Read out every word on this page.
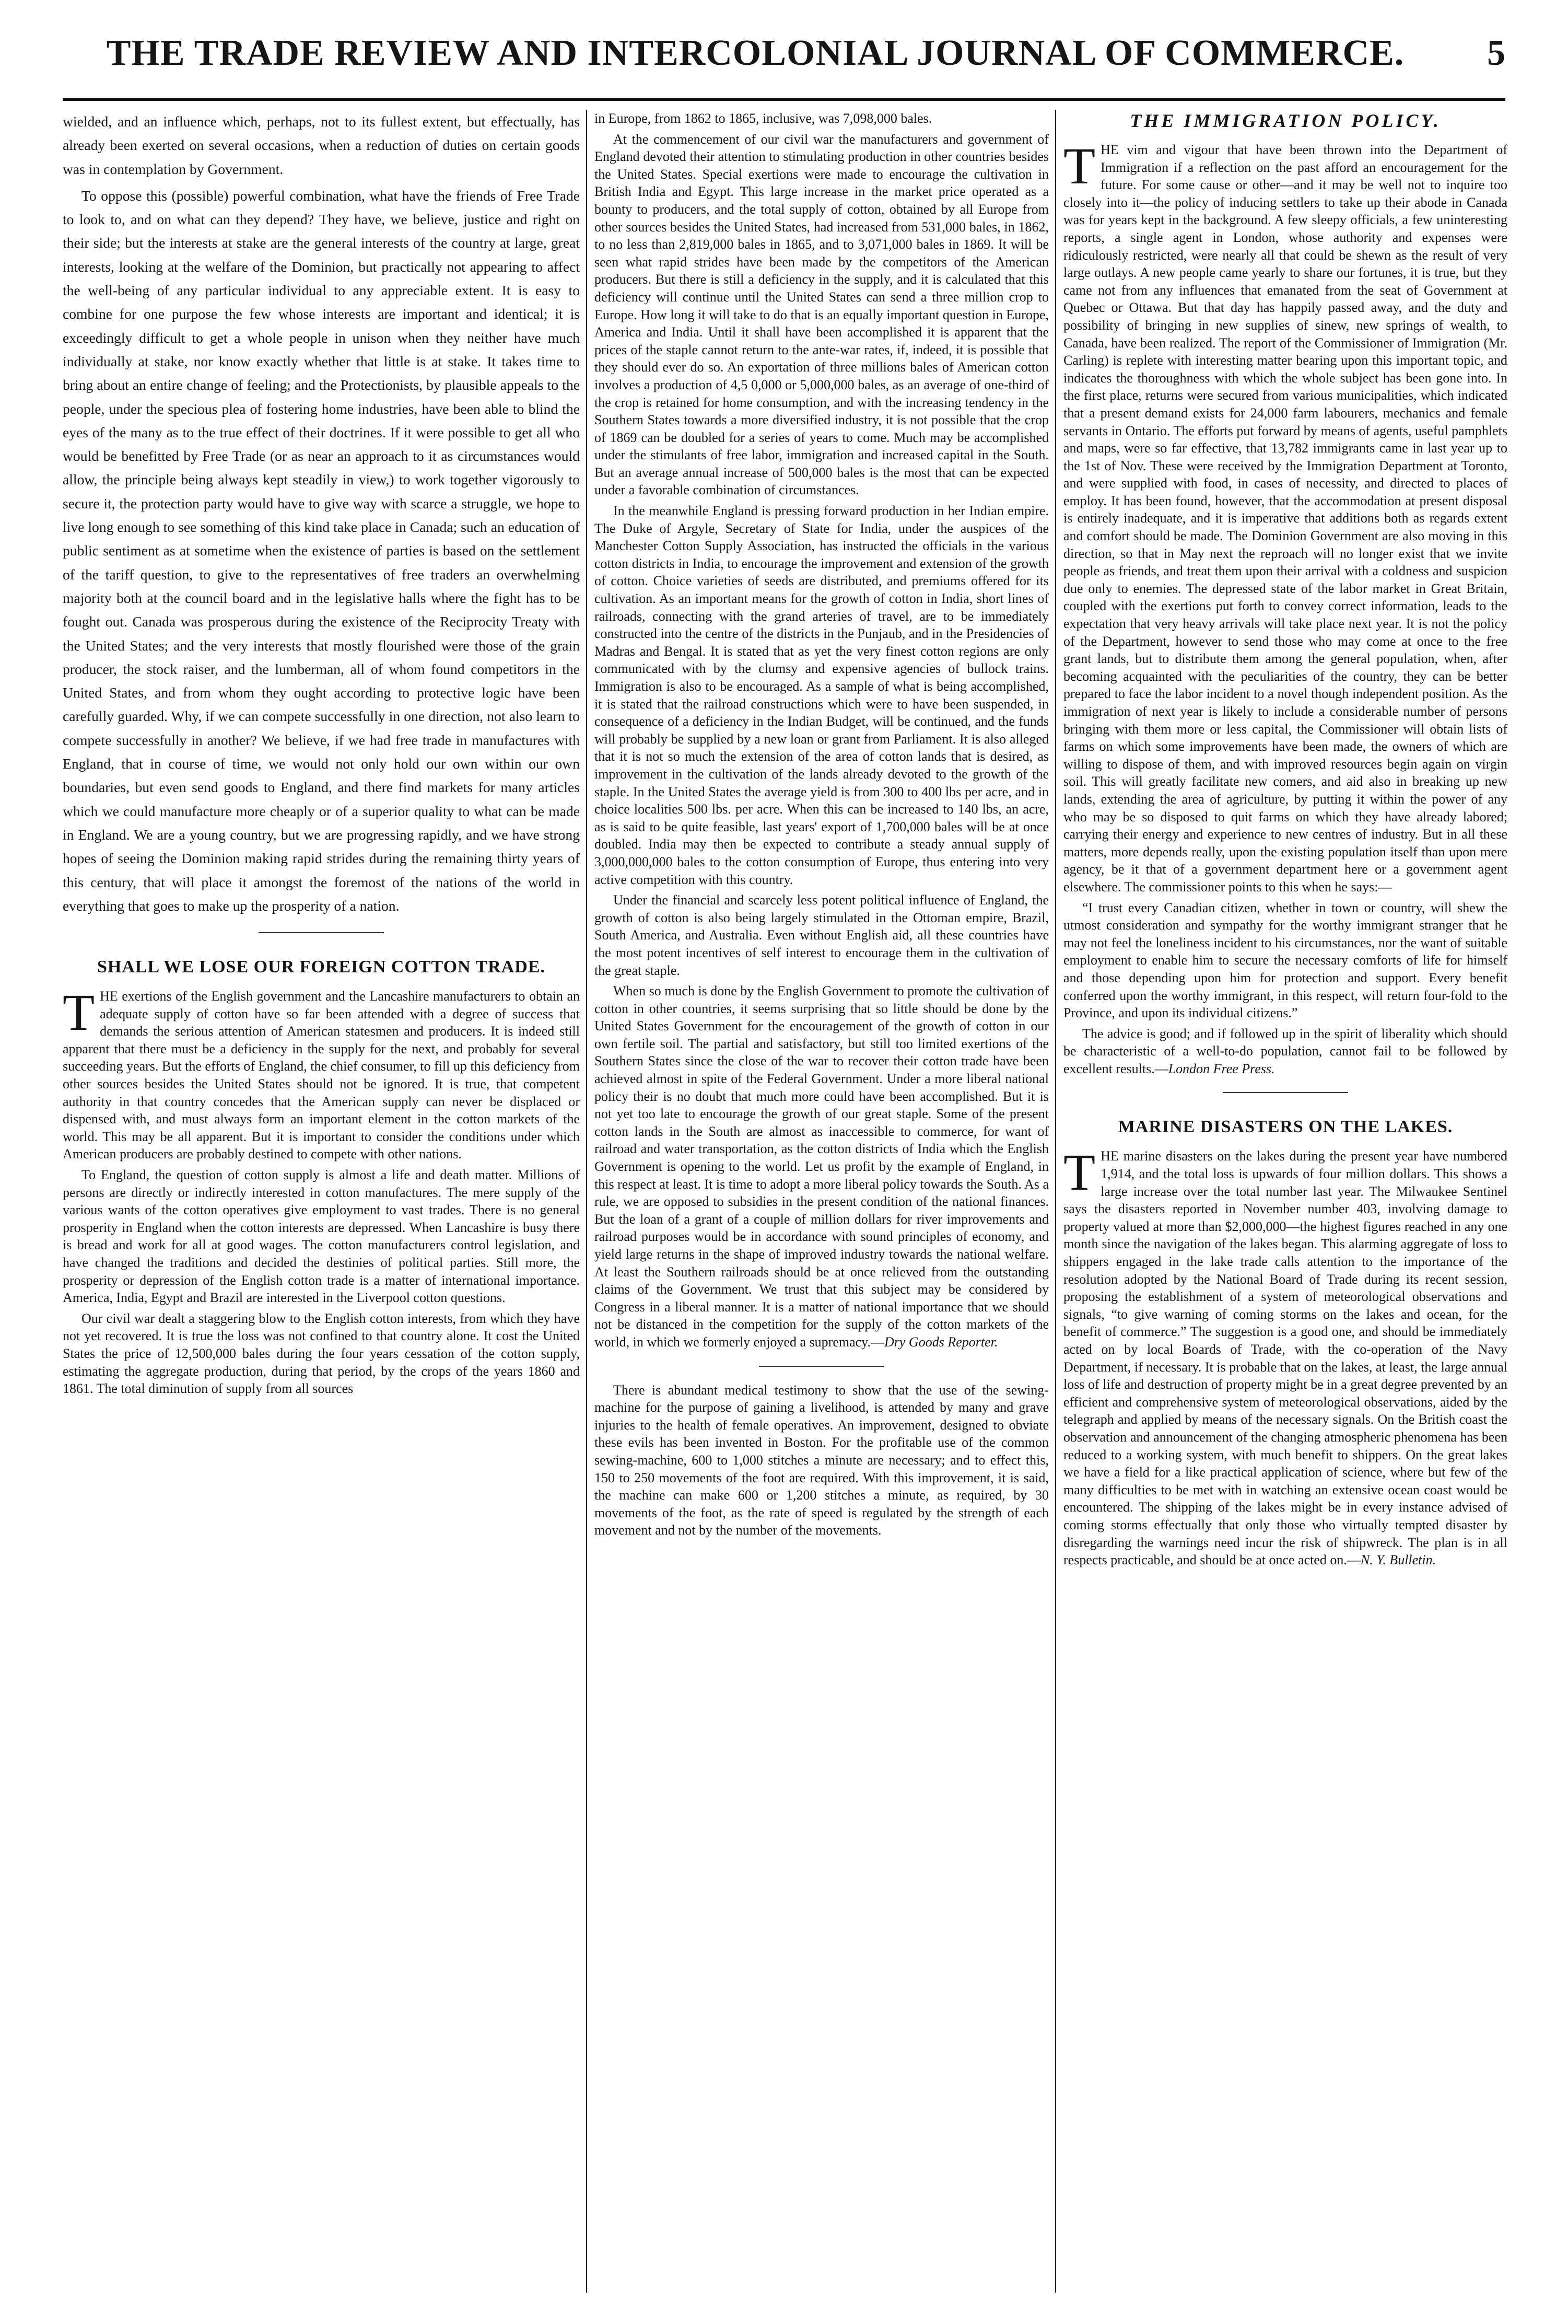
THE TRADE REVIEW AND INTERCOLONIAL JOURNAL OF COMMERCE.	5

wielded, and an influence which, perhaps, not to its fullest extent, but effectually, has already been exerted on several occasions, when a reduction of duties on certain goods was in contemplation by Government.

To oppose this (possible) powerful combination, what have the friends of Free Trade to look to, and on what can they depend? They have, we believe, justice and right on their side; but the interests at stake are the general interests of the country at large, great interests, looking at the welfare of the Dominion, but practically not appearing to affect the well-being of any particular individual to any appreciable extent. It is easy to combine for one purpose the few whose interests are important and identical; it is exceedingly difficult to get a whole people in unison when they neither have much individually at stake, nor know exactly whether that little is at stake. It takes time to bring about an entire change of feeling; and the Protectionists, by plausible appeals to the people, under the specious plea of fostering home industries, have been able to blind the eyes of the many as to the true effect of their doctrines. If it were possible to get all who would be benefitted by Free Trade (or as near an approach to it as circumstances would allow, the principle being always kept steadily in view,) to work together vigorously to secure it, the protection party would have to give way with scarce a struggle, we hope to live long enough to see something of this kind take place in Canada; such an education of public sentiment as at sometime when the existence of parties is based on the settlement of the tariff question, to give to the representatives of free traders an overwhelming majority both at the council board and in the legislative halls where the fight has to be fought out. Canada was prosperous during the existence of the Reciprocity Treaty with the United States; and the very interests that mostly flourished were those of the grain producer, the stock raiser, and the lumberman, all of whom found competitors in the United States, and from whom they ought according to protective logic have been carefully guarded. Why, if we can compete successfully in one direction, not also learn to compete successfully in another? We believe, if we had free trade in manufactures with England, that in course of time, we would not only hold our own within our own boundaries, but even send goods to England, and there find markets for many articles which we could manufacture more cheaply or of a superior quality to what can be made in England. We are a young country, but we are progressing rapidly, and we have strong hopes of seeing the Dominion making rapid strides during the remaining thirty years of this century, that will place it amongst the foremost of the nations of the world in everything that goes to make up the prosperity of a nation.

SHALL WE LOSE OUR FOREIGN COTTON TRADE.

THE exertions of the English government and the Lancashire manufacturers to obtain an adequate supply of cotton have so far been attended with a degree of success that demands the serious attention of American statesmen and producers. It is indeed still apparent that there must be a deficiency in the supply for the next, and probably for several succeeding years. But the efforts of England, the chief consumer, to fill up this deficiency from other sources besides the United States should not be ignored. It is true, that competent authority in that country concedes that the American supply can never be displaced or dispensed with, and must always form an important element in the cotton markets of the world. This may be all apparent. But it is important to consider the conditions under which American producers are probably destined to compete with other nations.

To England, the question of cotton supply is almost a life and death matter. Millions of persons are directly or indirectly interested in cotton manufactures. The mere supply of the various wants of the cotton operatives give employment to vast trades. There is no general prosperity in England when the cotton interests are depressed. When Lancashire is busy there is bread and work for all at good wages. The cotton manufacturers control legislation, and have changed the traditions and decided the destinies of political parties. Still more, the prosperity or depression of the English cotton trade is a matter of international importance. America, India, Egypt and Brazil are interested in the Liverpool cotton questions.

Our civil war dealt a staggering blow to the English cotton interests, from which they have not yet recovered. It is true the loss was not confined to that country alone. It cost the United States the price of 12,500,000 bales during the four years cessation of the cotton supply, estimating the aggregate production, during that period, by the crops of the years 1860 and 1861. The total diminution of supply from all sources

in Europe, from 1862 to 1865, inclusive, was 7,098,000 bales.

At the commencement of our civil war the manufacturers and government of England devoted their attention to stimulating production in other countries besides the United States. Special exertions were made to encourage the cultivation in British India and Egypt. This large increase in the market price operated as a bounty to producers, and the total supply of cotton, obtained by all Europe from other sources besides the United States, had increased from 531,000 bales, in 1862, to no less than 2,819,000 bales in 1865, and to 3,071,000 bales in 1869. It will be seen what rapid strides have been made by the competitors of the American producers. But there is still a deficiency in the supply, and it is calculated that this deficiency will continue until the United States can send a three million crop to Europe. How long it will take to do that is an equally important question in Europe, America and India. Until it shall have been accomplished it is apparent that the prices of the staple cannot return to the ante-war rates, if, indeed, it is possible that they should ever do so. An exportation of three millions bales of American cotton involves a production of 4,5 0,000 or 5,000,000 bales, as an average of one-third of the crop is retained for home consumption, and with the increasing tendency in the Southern States towards a more diversified industry, it is not possible that the crop of 1869 can be doubled for a series of years to come. Much may be accomplished under the stimulants of free labor, immigration and increased capital in the South. But an average annual increase of 500,000 bales is the most that can be expected under a favorable combination of circumstances.

In the meanwhile England is pressing forward production in her Indian empire. The Duke of Argyle, Secretary of State for India, under the auspices of the Manchester Cotton Supply Association, has instructed the officials in the various cotton districts in India, to encourage the improvement and extension of the growth of cotton. Choice varieties of seeds are distributed, and premiums offered for its cultivation. As an important means for the growth of cotton in India, short lines of railroads, connecting with the grand arteries of travel, are to be immediately constructed into the centre of the districts in the Punjaub, and in the Presidencies of Madras and Bengal. It is stated that as yet the very finest cotton regions are only communicated with by the clumsy and expensive agencies of bullock trains. Immigration is also to be encouraged. As a sample of what is being accomplished, it is stated that the railroad constructions which were to have been suspended, in consequence of a deficiency in the Indian Budget, will be continued, and the funds will probably be supplied by a new loan or grant from Parliament. It is also alleged that it is not so much the extension of the area of cotton lands that is desired, as improvement in the cultivation of the lands already devoted to the growth of the staple. In the United States the average yield is from 300 to 400 lbs per acre, and in choice localities 500 lbs. per acre. When this can be increased to 140 lbs, an acre, as is said to be quite feasible, last years' export of 1,700,000 bales will be at once doubled. India may then be expected to contribute a steady annual supply of 3,000,000,000 bales to the cotton consumption of Europe, thus entering into very active competition with this country.

Under the financial and scarcely less potent political influence of England, the growth of cotton is also being largely stimulated in the Ottoman empire, Brazil, South America, and Australia. Even without English aid, all these countries have the most potent incentives of self interest to encourage them in the cultivation of the great staple.

When so much is done by the English Government to promote the cultivation of cotton in other countries, it seems surprising that so little should be done by the United States Government for the encouragement of the growth of cotton in our own fertile soil. The partial and satisfactory, but still too limited exertions of the Southern States since the close of the war to recover their cotton trade have been achieved almost in spite of the Federal Government. Under a more liberal national policy their is no doubt that much more could have been accomplished. But it is not yet too late to encourage the growth of our great staple. Some of the present cotton lands in the South are almost as inaccessible to commerce, for want of railroad and water transportation, as the cotton districts of India which the English Government is opening to the world. Let us profit by the example of England, in this respect at least. It is time to adopt a more liberal policy towards the South. As a rule, we are opposed to subsidies in the present condition of the national finances. But the loan of a grant of a couple of million dollars for river improvements and railroad purposes would be in accordance with sound principles of economy, and yield large returns in the shape of improved industry towards the national welfare. At least the Southern railroads should be at once relieved from the outstanding claims of the Government. We trust that this subject may be considered by Congress in a liberal manner. It is a matter of national importance that we should not be distanced in the competition for the supply of the cotton markets of the world, in which we formerly enjoyed a supremacy.—Dry Goods Reporter.

There is abundant medical testimony to show that the use of the sewing-machine for the purpose of gaining a livelihood, is attended by many and grave injuries to the health of female operatives. An improvement, designed to obviate these evils has been invented in Boston. For the profitable use of the common sewing-machine, 600 to 1,000 stitches a minute are necessary; and to effect this, 150 to 250 movements of the foot are required. With this improvement, it is said, the machine can make 600 or 1,200 stitches a minute, as required, by 30 movements of the foot, as the rate of speed is regulated by the strength of each movement and not by the number of the movements.

THE IMMIGRATION POLICY.

THE vim and vigour that have been thrown into the Department of Immigration if a reflection on the past afford an encouragement for the future. For some cause or other—and it may be well not to inquire too closely into it—the policy of inducing settlers to take up their abode in Canada was for years kept in the background. A few sleepy officials, a few uninteresting reports, a single agent in London, whose authority and expenses were ridiculously restricted, were nearly all that could be shewn as the result of very large outlays. A new people came yearly to share our fortunes, it is true, but they came not from any influences that emanated from the seat of Government at Quebec or Ottawa. But that day has happily passed away, and the duty and possibility of bringing in new supplies of sinew, new springs of wealth, to Canada, have been realized. The report of the Commissioner of Immigration (Mr. Carling) is replete with interesting matter bearing upon this important topic, and indicates the thoroughness with which the whole subject has been gone into. In the first place, returns were secured from various municipalities, which indicated that a present demand exists for 24,000 farm labourers, mechanics and female servants in Ontario. The efforts put forward by means of agents, useful pamphlets and maps, were so far effective, that 13,782 immigrants came in last year up to the 1st of Nov. These were received by the Immigration Department at Toronto, and were supplied with food, in cases of necessity, and directed to places of employ. It has been found, however, that the accommodation at present disposal is entirely inadequate, and it is imperative that additions both as regards extent and comfort should be made. The Dominion Government are also moving in this direction, so that in May next the reproach will no longer exist that we invite people as friends, and treat them upon their arrival with a coldness and suspicion due only to enemies. The depressed state of the labor market in Great Britain, coupled with the exertions put forth to convey correct information, leads to the expectation that very heavy arrivals will take place next year. It is not the policy of the Department, however to send those who may come at once to the free grant lands, but to distribute them among the general population, when, after becoming acquainted with the peculiarities of the country, they can be better prepared to face the labor incident to a novel though independent position. As the immigration of next year is likely to include a considerable number of persons bringing with them more or less capital, the Commissioner will obtain lists of farms on which some improvements have been made, the owners of which are willing to dispose of them, and with improved resources begin again on virgin soil. This will greatly facilitate new comers, and aid also in breaking up new lands, extending the area of agriculture, by putting it within the power of any who may be so disposed to quit farms on which they have already labored; carrying their energy and experience to new centres of industry. But in all these matters, more depends really, upon the existing population itself than upon mere agency, be it that of a government department here or a government agent elsewhere. The commissioner points to this when he says:—

“I trust every Canadian citizen, whether in town or country, will shew the utmost consideration and sympathy for the worthy immigrant stranger that he may not feel the loneliness incident to his circumstances, nor the want of suitable employment to enable him to secure the necessary comforts of life for himself and those depending upon him for protection and support. Every benefit conferred upon the worthy immigrant, in this respect, will return four-fold to the Province, and upon its individual citizens.”

The advice is good; and if followed up in the spirit of liberality which should be characteristic of a well-to-do population, cannot fail to be followed by excellent results.—London Free Press.

MARINE DISASTERS ON THE LAKES.

THE marine disasters on the lakes during the present year have numbered 1,914, and the total loss is upwards of four million dollars. This shows a large increase over the total number last year. The Milwaukee Sentinel says the disasters reported in November number 403, involving damage to property valued at more than $2,000,000—the highest figures reached in any one month since the navigation of the lakes began. This alarming aggregate of loss to shippers engaged in the lake trade calls attention to the importance of the resolution adopted by the National Board of Trade during its recent session, proposing the establishment of a system of meteorological observations and signals, “to give warning of coming storms on the lakes and ocean, for the benefit of commerce.” The suggestion is a good one, and should be immediately acted on by local Boards of Trade, with the co-operation of the Navy Department, if necessary. It is probable that on the lakes, at least, the large annual loss of life and destruction of property might be in a great degree prevented by an efficient and comprehensive system of meteorological observations, aided by the telegraph and applied by means of the necessary signals. On the British coast the observation and announcement of the changing atmospheric phenomena has been reduced to a working system, with much benefit to shippers. On the great lakes we have a field for a like practical application of science, where but few of the many difficulties to be met with in watching an extensive ocean coast would be encountered. The shipping of the lakes might be in every instance advised of coming storms effectually that only those who virtually tempted disaster by disregarding the warnings need incur the risk of shipwreck. The plan is in all respects practicable, and should be at once acted on.—N. Y. Bulletin.
